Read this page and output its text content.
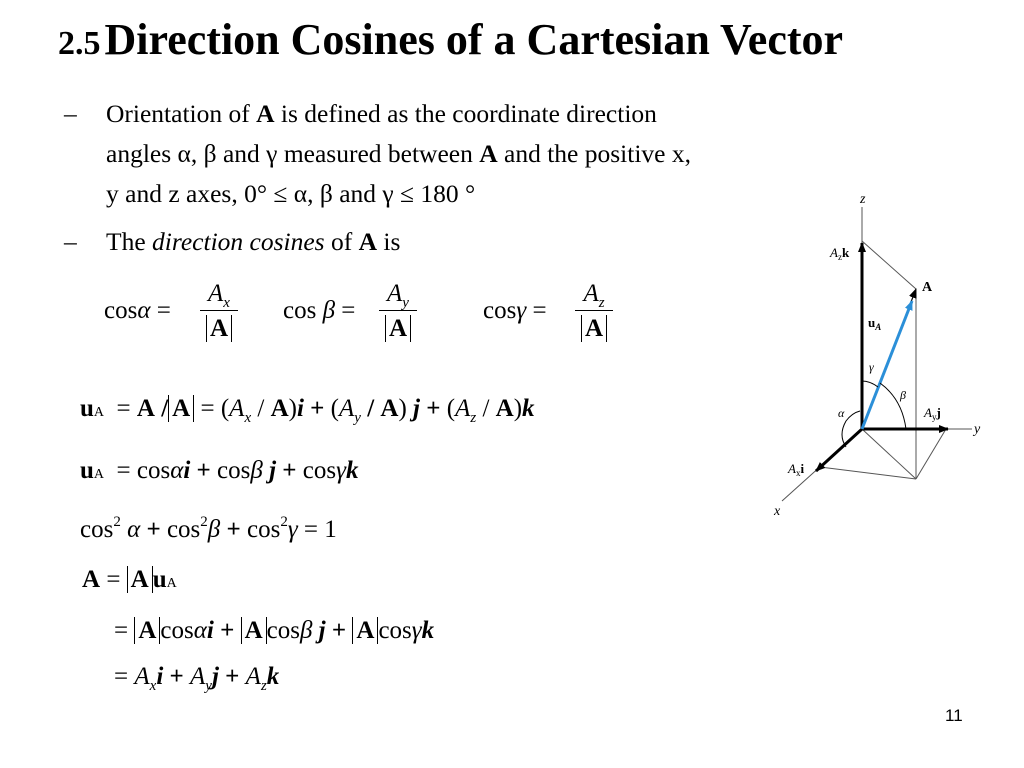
2.5 Direction Cosines of a Cartesian Vector
– Orientation of A is defined as the coordinate direction
angles α, β and γ measured between A and the positive x,
y and z axes, 0° ≤ α, β and γ ≤ 180 °
– The direction cosines of A is
cosα =
$A_x$
A
cos β =
$A_y$
A
cosγ =
$A_z$
A
uA  = $A / A = (A_x / A)i + (A_y / A) j + (A_z / A)k$
uA  = cosαi + cosβ j + cosγk
$\cos^2 \alpha + \cos^2\beta + \cos^2\gamma = 1$
A = A uA
= A cosαi + A cosβ j + A cosγk
= $A_xi + A_yj + A_zk$
z
y
x
$A_zk$
A
$u_A$
γ
β
α	$A_yj$
$A_xi$
11
